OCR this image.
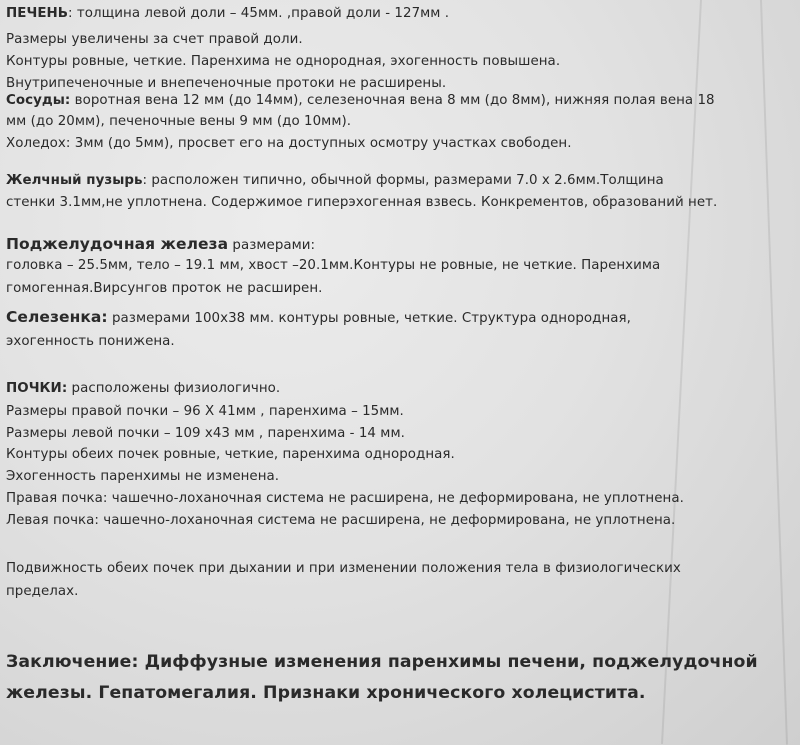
ПЕЧЕНЬ: толщина левой доли – 45мм. ,правой доли - 127мм .
Размеры увеличены за счет правой доли.
Контуры ровные, четкие. Паренхима не однородная, эхогенность повышена.
Внутрипеченочные и внепеченочные протоки не расширены.
Сосуды: воротная вена 12 мм (до 14мм), селезеночная вена 8 мм (до 8мм), нижняя полая вена 18
мм (до 20мм), печеночные вены 9 мм (до 10мм).
Холедох: 3мм (до 5мм), просвет его на доступных осмотру участках свободен.
Желчный пузырь: расположен типично, обычной формы, размерами 7.0 х 2.6мм.Толщина
стенки 3.1мм,не уплотнена. Содержимое гиперэхогенная взвесь. Конкрементов, образований нет.
Поджелудочная железа размерами:
головка – 25.5мм, тело – 19.1 мм, хвост –20.1мм.Контуры не ровные, не четкие. Паренхима
гомогенная.Вирсунгов проток не расширен.
Селезенка: размерами 100х38 мм. контуры ровные, четкие. Структура однородная,
эхогенность понижена.
ПОЧКИ: расположены физиологично.
Размеры правой почки – 96 Х 41мм , паренхима – 15мм.
Размеры левой почки – 109 х43 мм , паренхима - 14 мм.
Контуры обеих почек ровные, четкие, паренхима однородная.
Эхогенность паренхимы не изменена.
Правая почка: чашечно-лоханочная система не расширена, не деформирована, не уплотнена.
Левая почка: чашечно-лоханочная система не расширена, не деформирована, не уплотнена.
Подвижность обеих почек при дыхании и при изменении положения тела в физиологических
пределах.
Заключение: Диффузные изменения паренхимы печени, поджелудочной
железы. Гепатомегалия. Признаки хронического холецистита.
